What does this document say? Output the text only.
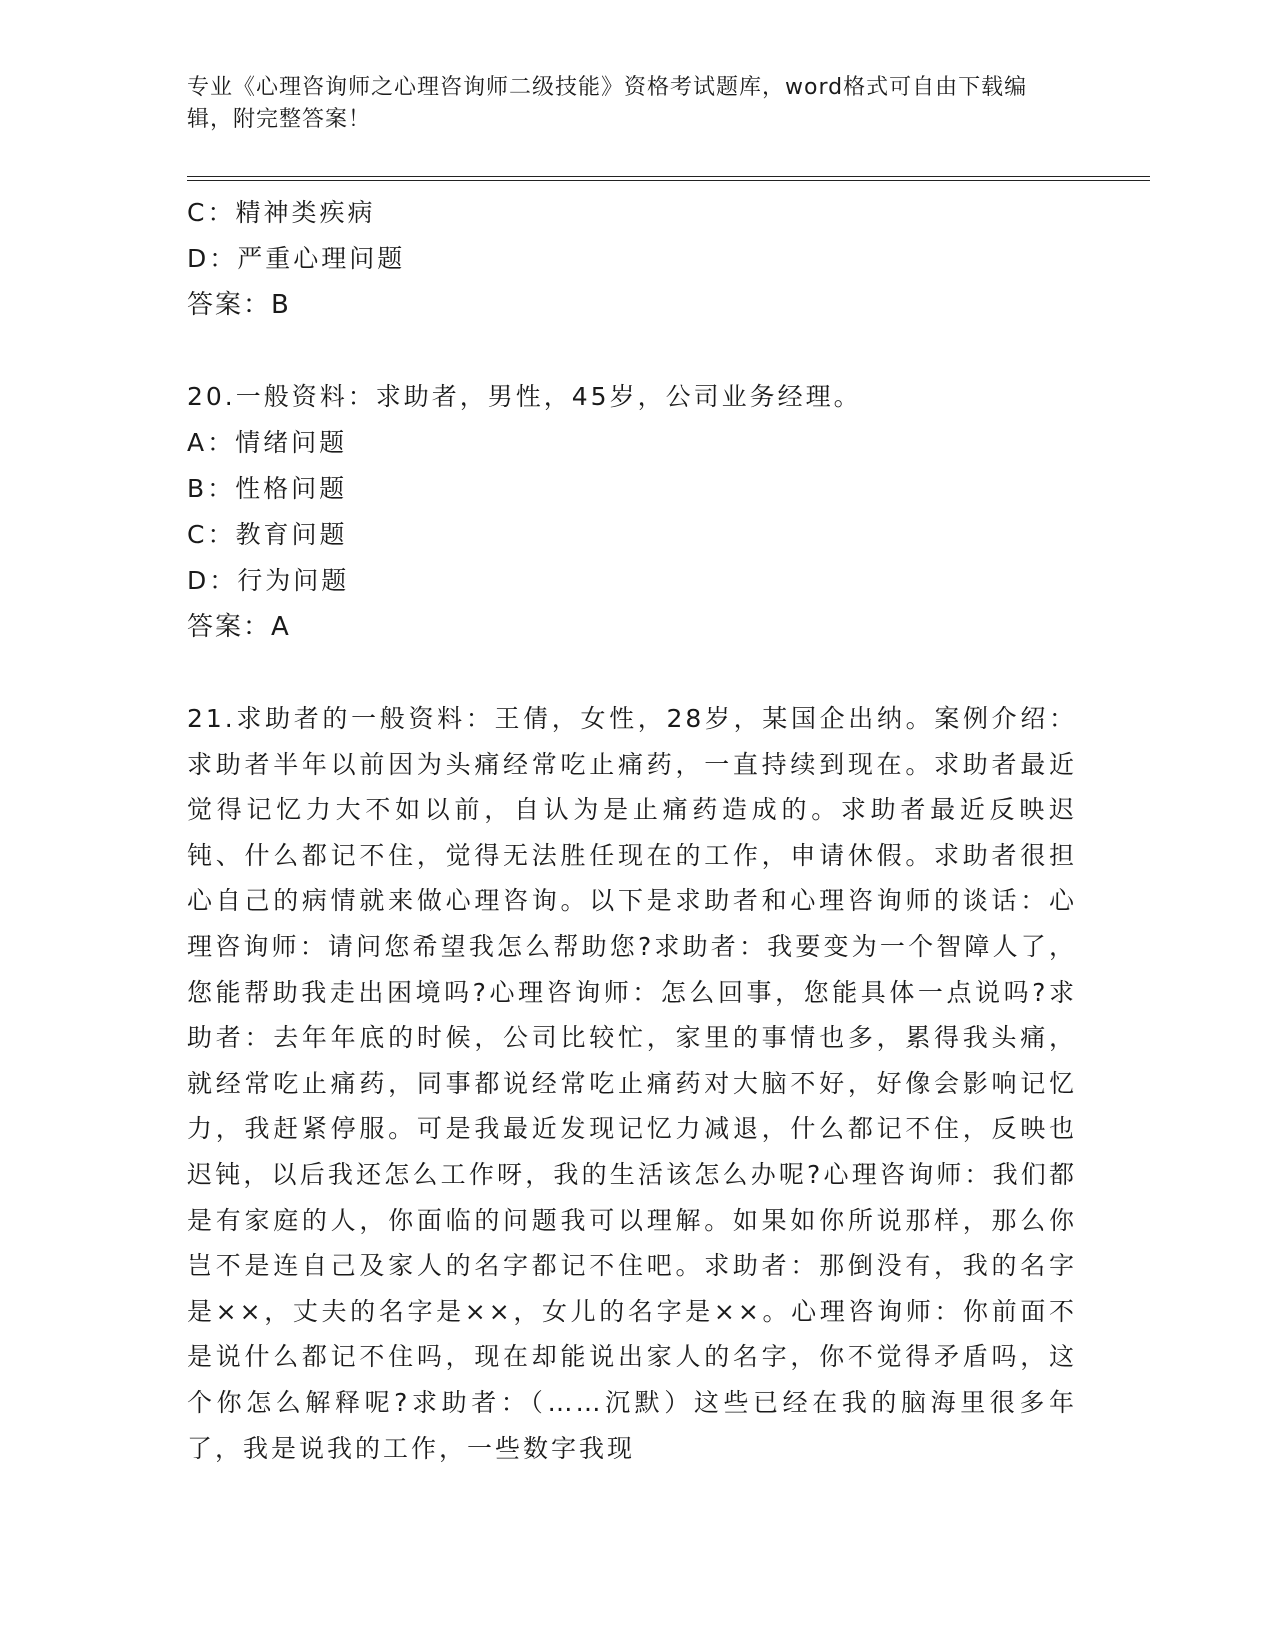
专业《心理咨询师之心理咨询师二级技能》资格考试题库，word格式可自由下载编辑，附完整答案！
C：精神类疾病
D：严重心理问题
答案：B
20.一般资料：求助者，男性，45岁，公司业务经理。
A：情绪问题
B：性格问题
C：教育问题
D：行为问题
答案：A

21.求助者的一般资料：王倩，女性，28岁，某国企出纳。案例介绍：求助者半年以前因为头痛经常吃止痛药，一直持续到现在。求助者最近觉得记忆力大不如以前，自认为是止痛药造成的。求助者最近反映迟钝、什么都记不住，觉得无法胜任现在的工作，申请休假。求助者很担心自己的病情就来做心理咨询。以下是求助者和心理咨询师的谈话：心理咨询师：请问您希望我怎么帮助您?求助者：我要变为一个智障人了，您能帮助我走出困境吗?心理咨询师：怎么回事，您能具体一点说吗?求助者：去年年底的时候，公司比较忙，家里的事情也多，累得我头痛，就经常吃止痛药，同事都说经常吃止痛药对大脑不好，好像会影响记忆力，我赶紧停服。可是我最近发现记忆力减退，什么都记不住，反映也迟钝，以后我还怎么工作呀，我的生活该怎么办呢?心理咨询师：我们都是有家庭的人，你面临的问题我可以理解。如果如你所说那样，那么你岂不是连自己及家人的名字都记不住吧。求助者：那倒没有，我的名字是××，丈夫的名字是××，女儿的名字是××。心理咨询师：你前面不是说什么都记不住吗，现在却能说出家人的名字，你不觉得矛盾吗，这个你怎么解释呢?求助者：（……沉默）这些已经在我的脑海里很多年了，我是说我的工作，一些数字我现
